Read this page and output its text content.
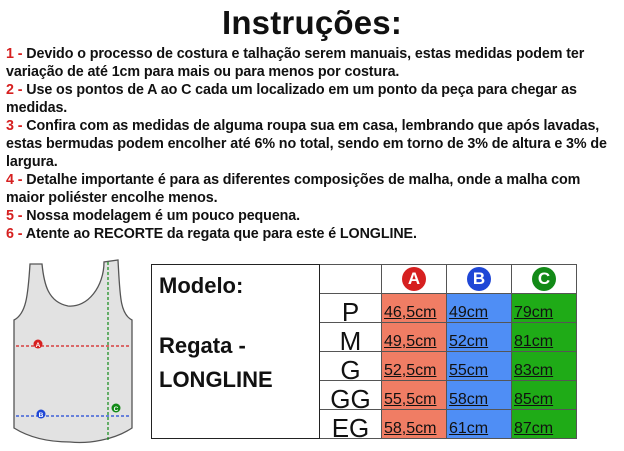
Instruções:

1 - Devido o processo de costura e talhação serem manuais, estas medidas podem ter variação de até 1cm para mais ou para menos por costura.

2 - Use os pontos de A ao C cada um localizado em um ponto da peça para chegar as medidas.

3 - Confira com as medidas de alguma roupa sua em casa, lembrando que após lavadas, estas bermudas podem encolher até 6% no total, sendo em torno de 3% de altura e 3% de largura.

4 - Detalhe importante é para as diferentes composições de malha, onde a malha com maior poliéster encolhe menos.

5 - Nossa modelagem é um pouco pequena.

6 - Atente ao RECORTE da regata que para este é LONGLINE.

A
B
C
Modelo:
Regata -
LONGLINE		A	B	C
	P	46,5cm	49cm	79cm
	M	49,5cm	52cm	81cm
	G	52,5cm	55cm	83cm
	GG	55,5cm	58cm	85cm
	EG	58,5cm	61cm	87cm
